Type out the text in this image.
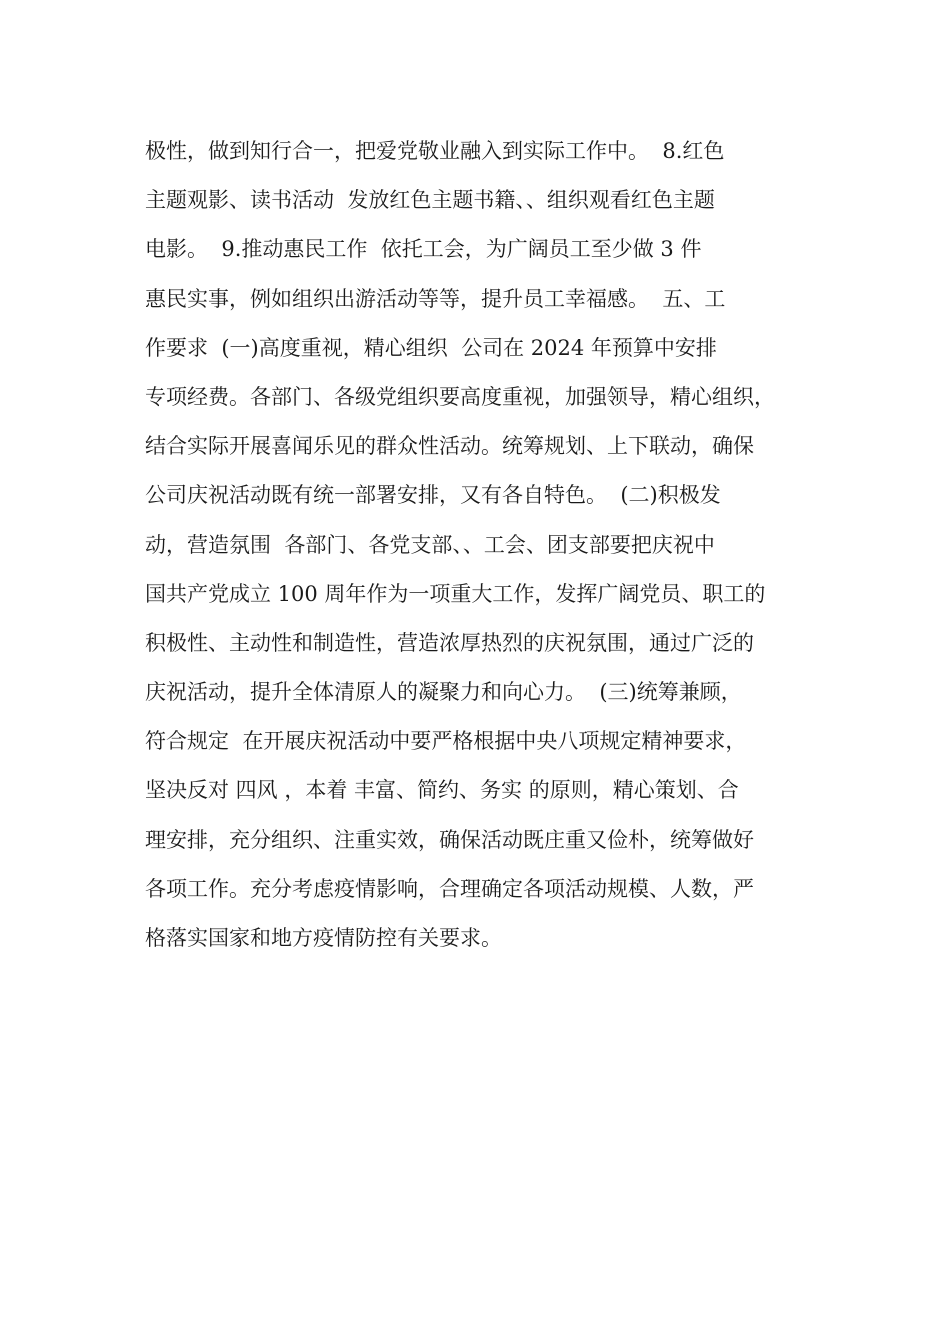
极性，做到知行合一，把爱党敬业融入到实际工作中。  8.红色
主题观影、读书活动  发放红色主题书籍、、组织观看红色主题
电影。  9.推动惠民工作  依托工会，为广阔员工至少做 3 件
惠民实事，例如组织出游活动等等，提升员工幸福感。  五、工
作要求  (一)高度重视，精心组织  公司在 2024 年预算中安排
专项经费。各部门、各级党组织要高度重视，加强领导，精心组织，
结合实际开展喜闻乐见的群众性活动。统筹规划、上下联动，确保
公司庆祝活动既有统一部署安排，又有各自特色。  (二)积极发
动，营造氛围  各部门、各党支部、、工会、团支部要把庆祝中
国共产党成立 100 周年作为一项重大工作，发挥广阔党员、职工的
积极性、主动性和制造性，营造浓厚热烈的庆祝氛围，通过广泛的
庆祝活动，提升全体清原人的凝聚力和向心力。  (三)统筹兼顾，
符合规定  在开展庆祝活动中要严格根据中央八项规定精神要求，
坚决反对 四风 ，本着 丰富、简约、务实 的原则，精心策划、合
理安排，充分组织、注重实效，确保活动既庄重又俭朴，统筹做好
各项工作。充分考虑疫情影响，合理确定各项活动规模、人数，严
格落实国家和地方疫情防控有关要求。
